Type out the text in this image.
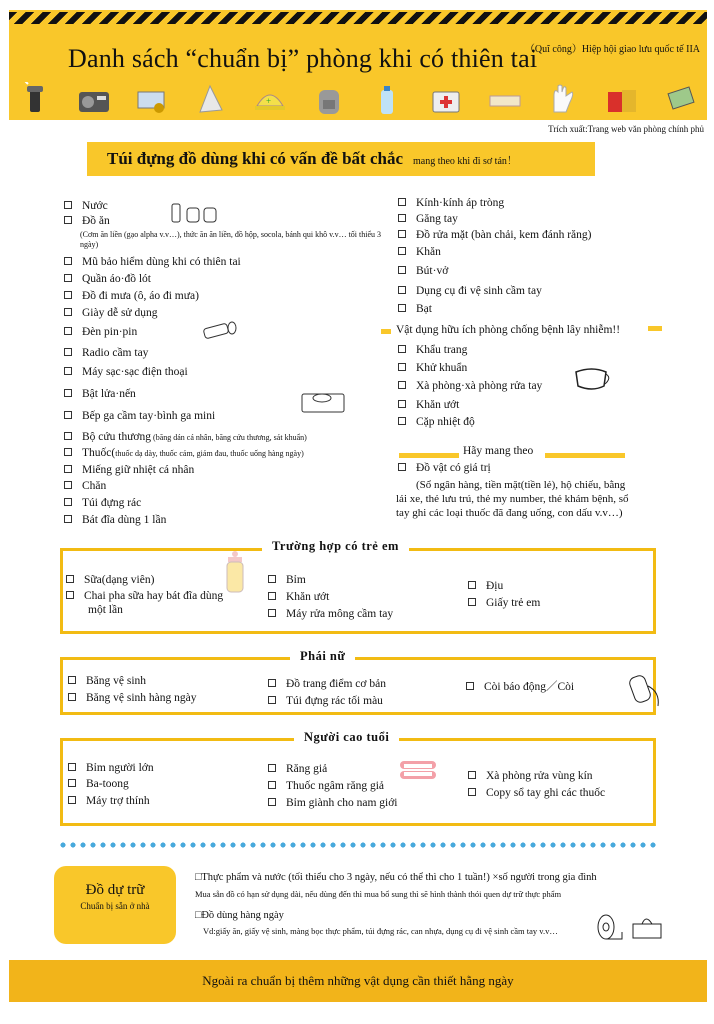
（Quĩ công）Hiệp hội giao lưu quốc tế IIA
Danh sách “chuẩn bị” phòng khi có thiên tai
+
Trích xuất:Trang web văn phòng chính phủ
Túi đựng đồ dùng khi có vấn đề bất chắc mang theo khi đi sơ tán！
Nước
Đồ ăn
Mũ bảo hiểm dùng khi có thiên tai
Quần áo·đồ lót
Đồ đi mưa (ô, áo đi mưa)
Giày dễ sử dụng
Đèn pin·pin
Radio cầm tay
Máy sạc·sạc điện thoại
Bật lửa·nến
Bếp ga cầm tay·bình ga mini
Bộ cứu thương (băng dán cá nhân, băng cứu thương, sát khuẩn)
Thuốc(thuốc dạ dày, thuốc cảm, giảm đau, thuốc uống hàng ngày)
Miếng giữ nhiệt cá nhân
Chăn
Túi đựng rác
Bát đĩa dùng 1 lần
(Cơm ăn liền (gạo alpha v.v…), thức ăn ăn liền, đồ hộp, socola, bánh qui khô v.v… tối thiểu 3 ngày)
Kính·kính áp tròng
Găng tay
Đồ rửa mặt (bàn chải, kem đánh răng)
Khăn
Bút·vở
Dụng cụ đi vệ sinh cầm tay
Bạt
Vật dụng hữu ích phòng chống bệnh lây nhiễm!!
Khẩu trang
Khử khuẩn
Xà phòng·xà phòng rửa tay
Khăn ướt
Cặp nhiệt độ
Hãy mang theo
Đồ vật có giá trị
(Sổ ngân hàng, tiền mặt(tiền lẻ), hộ chiếu, bằng
lái xe, thẻ lưu trú, thẻ my number, thẻ khám bệnh, sổ
tay ghi các loại thuốc đã đang uống, con dấu v.v…)
Trường hợp có trẻ em
Sữa(dạng viên)
Chai pha sữa hay bát đĩa dùng
một lần
Bỉm
Khăn ướt
Máy rửa mông cầm tay
Địu
Giấy trẻ em
Phái nữ
Băng vệ sinh
Băng vệ sinh hàng ngày
Đồ trang điểm cơ bản
Túi đựng rác tối màu
Còi báo động／Còi
Người cao tuổi
Bỉm người lớn
Ba-toong
Máy trợ thính
Răng giả
Thuốc ngâm răng giả
Bỉm giành cho nam giới
Xà phòng rửa vùng kín
Copy sổ tay ghi các thuốc
Đồ dự trữ
Chuẩn bị sẵn ở nhà
□Thực phẩm và nước (tối thiểu cho 3 ngày, nếu có thể thì cho 1 tuần!) ×số người trong gia đình
Mua sẵn đồ có hạn sử dụng dài, nếu dùng đến thì mua bổ sung thì sẽ hình thành thói quen dự trữ thực phẩm
□Đồ dùng hàng ngày
Vd:giấy ăn, giấy vệ sinh, màng bọc thực phẩm, túi đựng rác, can nhựa, dụng cụ đi vệ sinh cầm tay v.v…
Ngoài ra chuẩn bị thêm những vật dụng cần thiết hằng ngày
